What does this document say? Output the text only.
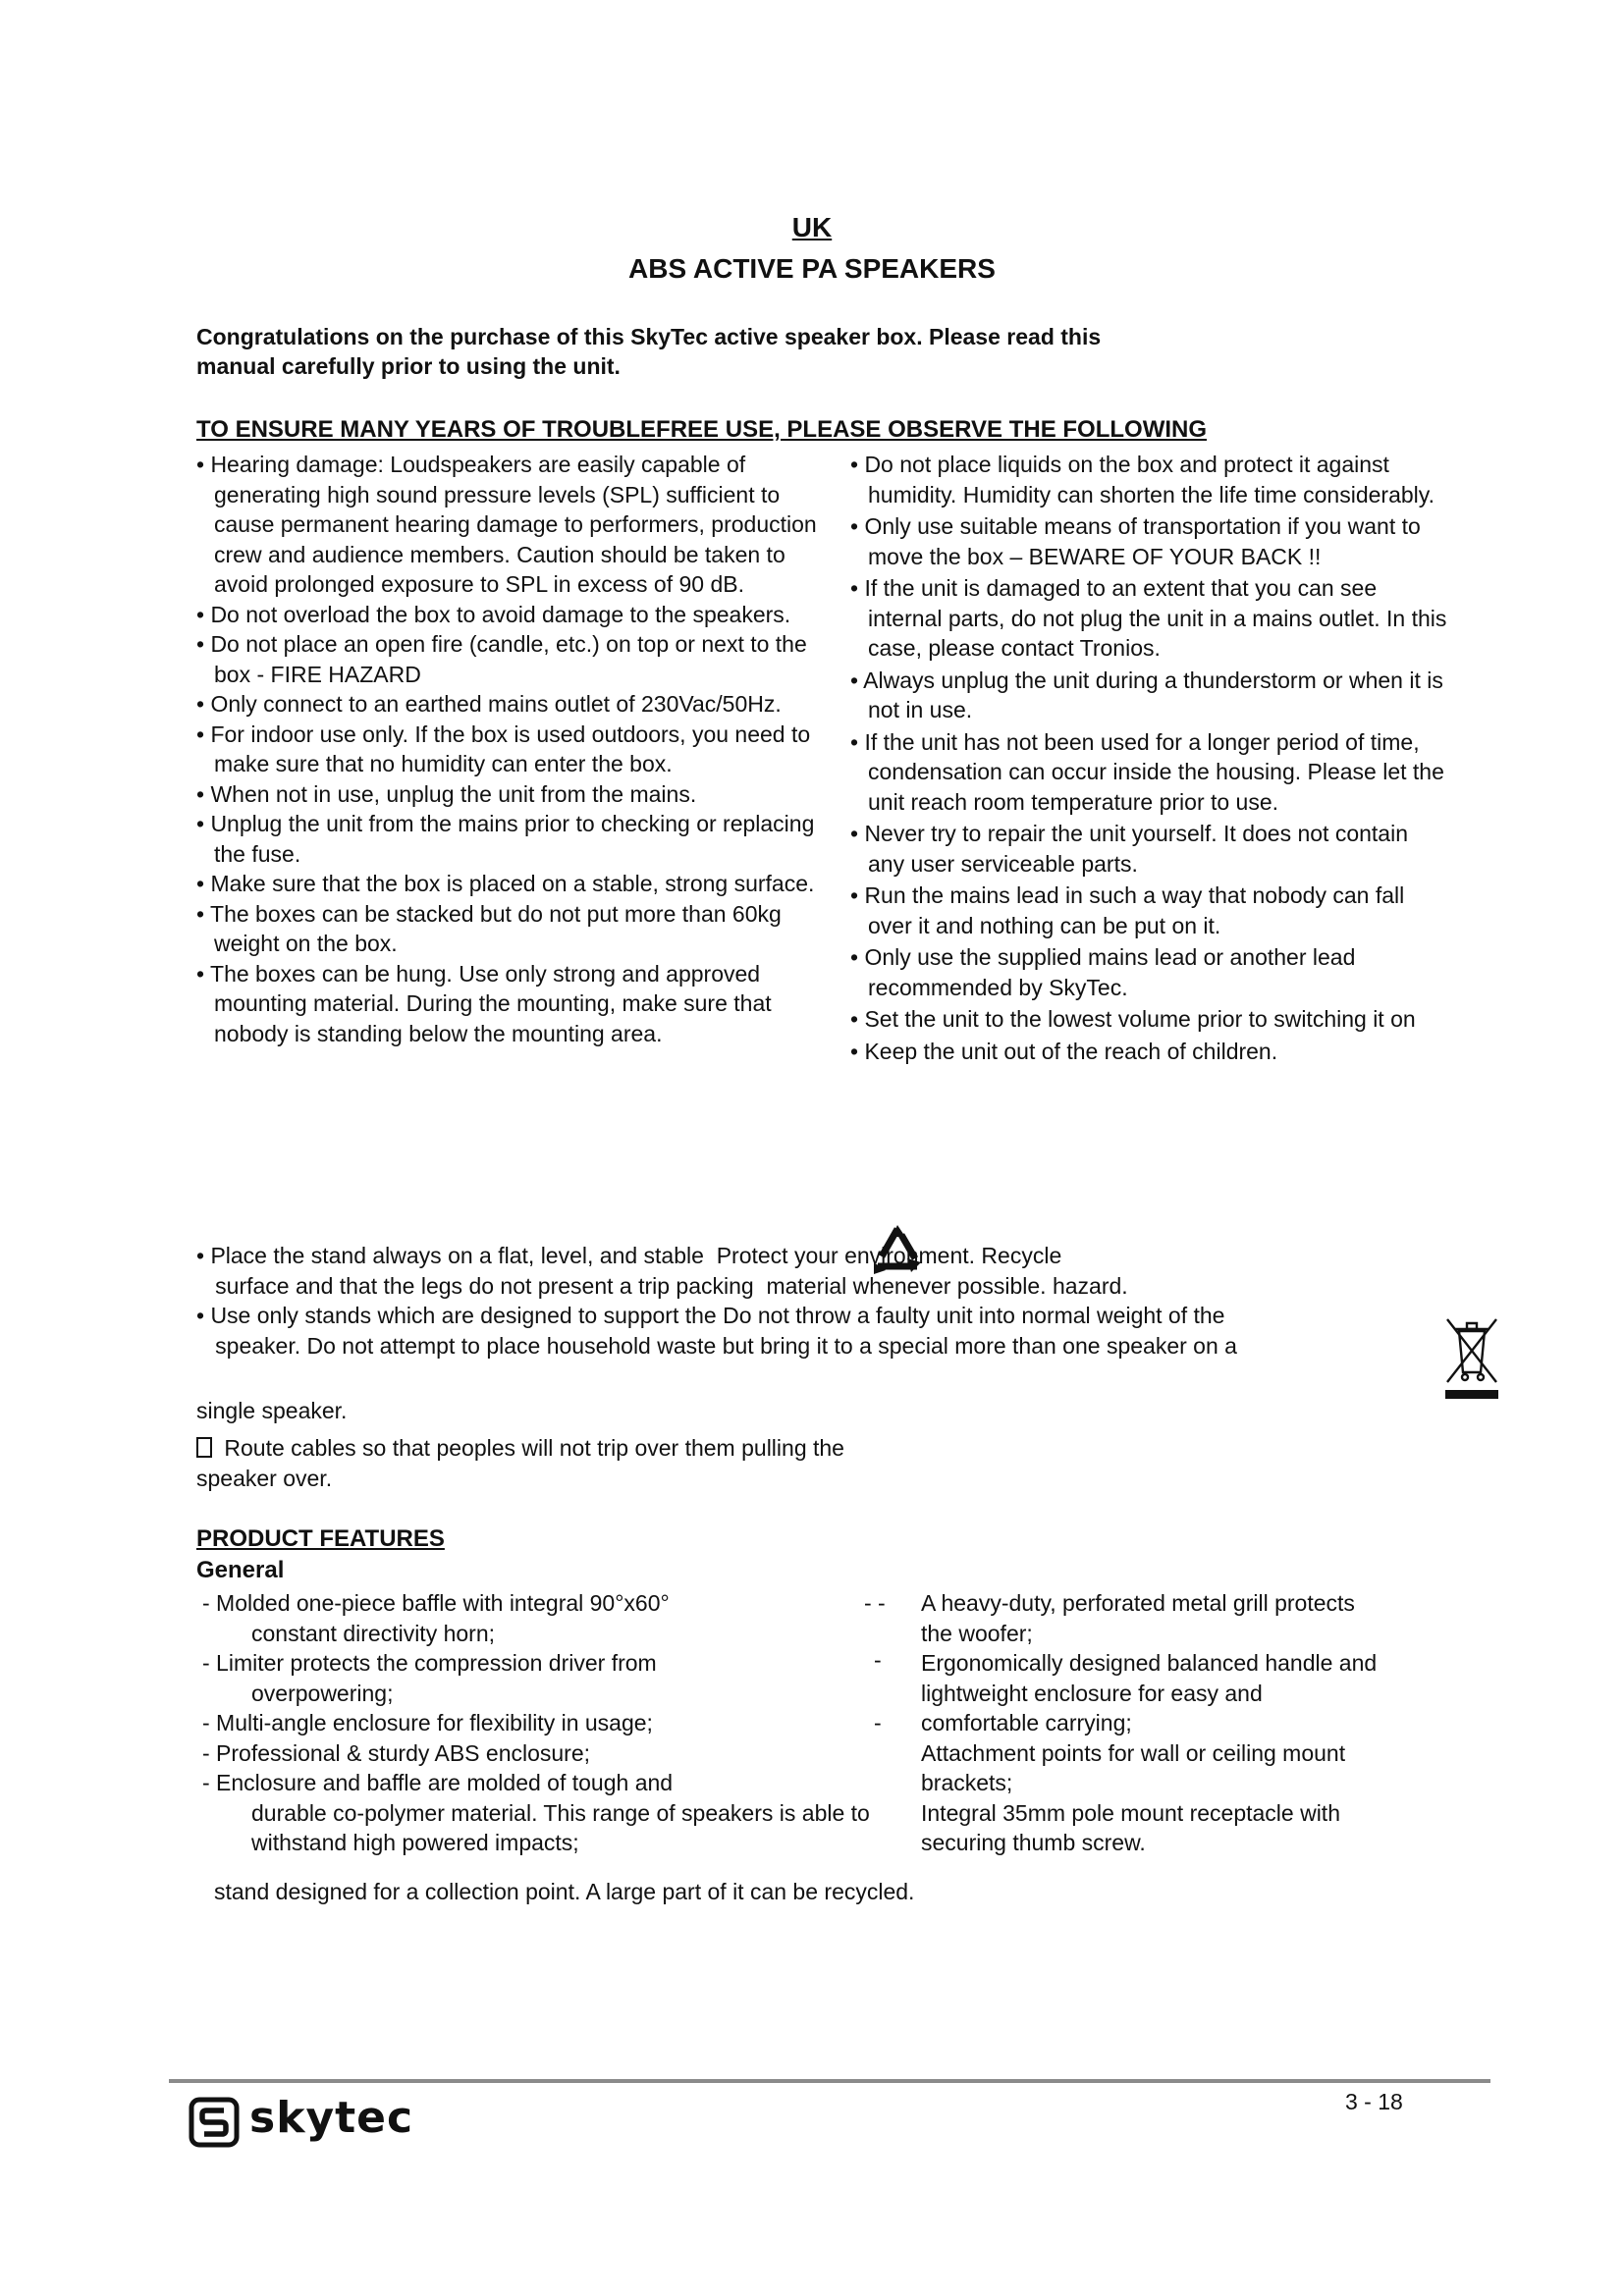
UK
ABS ACTIVE PA SPEAKERS
Congratulations on the purchase of this SkyTec active speaker box. Please read this manual carefully prior to using the unit.
TO ENSURE MANY YEARS OF TROUBLEFREE USE, PLEASE OBSERVE THE FOLLOWING

• Hearing damage: Loudspeakers are easily capable of generating high sound pressure levels (SPL) sufficient to cause permanent hearing damage to performers, production crew and audience members. Caution should be taken to avoid prolonged exposure to SPL in excess of 90 dB.

• Do not overload the box to avoid damage to the speakers.

• Do not place an open fire (candle, etc.) on top or next to the box - FIRE HAZARD

• Only connect to an earthed mains outlet of 230Vac/50Hz.

• For indoor use only. If the box is used outdoors, you need to make sure that no humidity can enter the box.

• When not in use, unplug the unit from the mains.

• Unplug the unit from the mains prior to checking or replacing the fuse.

• Make sure that the box is placed on a stable, strong surface.

• The boxes can be stacked but do not put more than 60kg weight on the box.

• The boxes can be hung. Use only strong and approved mounting material. During the mounting, make sure that nobody is standing below the mounting area.

• Do not place liquids on the box and protect it against humidity. Humidity can shorten the life time considerably.

• Only use suitable means of transportation if you want to move the box – BEWARE OF YOUR BACK !!

• If the unit is damaged to an extent that you can see internal parts, do not plug the unit in a mains outlet. In this case, please contact Tronios.

• Always unplug the unit during a thunderstorm or when it is not in use.

• If the unit has not been used for a longer period of time, condensation can occur inside the housing. Please let the unit reach room temperature prior to use.

• Never try to repair the unit yourself. It does not contain any user serviceable parts.

• Run the mains lead in such a way that nobody can fall over it and nothing can be put on it.

• Only use the supplied mains lead or another lead recommended by SkyTec.

• Set the unit to the lowest volume prior to switching it on

• Keep the unit out of the reach of children.

• Place the stand always on a flat, level, and stable  Protect your environment. Recycle

surface and that the legs do not present a trip packing  material whenever possible. hazard.

• Use only stands which are designed to support the Do not throw a faulty unit into normal weight of the

speaker. Do not attempt to place household waste but bring it to a special more than one speaker on a

single speaker.
Route cables so that peoples will not trip over them pulling the speaker over.
PRODUCT FEATURES
General

- Molded one-piece baffle with integral 90°x60°

constant directivity horn;

- Limiter protects the compression driver from

overpowering;

- Multi-angle enclosure for flexibility in usage;

- Professional & sturdy ABS enclosure;

- Enclosure and baffle are molded of tough and

durable co-polymer material. This range of speakers is able to withstand high powered impacts;

- -
-
-

A heavy-duty, perforated metal grill protects

the woofer;

Ergonomically designed balanced handle and

lightweight enclosure for easy and

comfortable carrying;

Attachment points for wall or ceiling mount

brackets;

Integral 35mm pole mount receptacle with

securing thumb screw.

stand designed for a collection point. A large part of it can be recycled.
skytec	3 - 18
